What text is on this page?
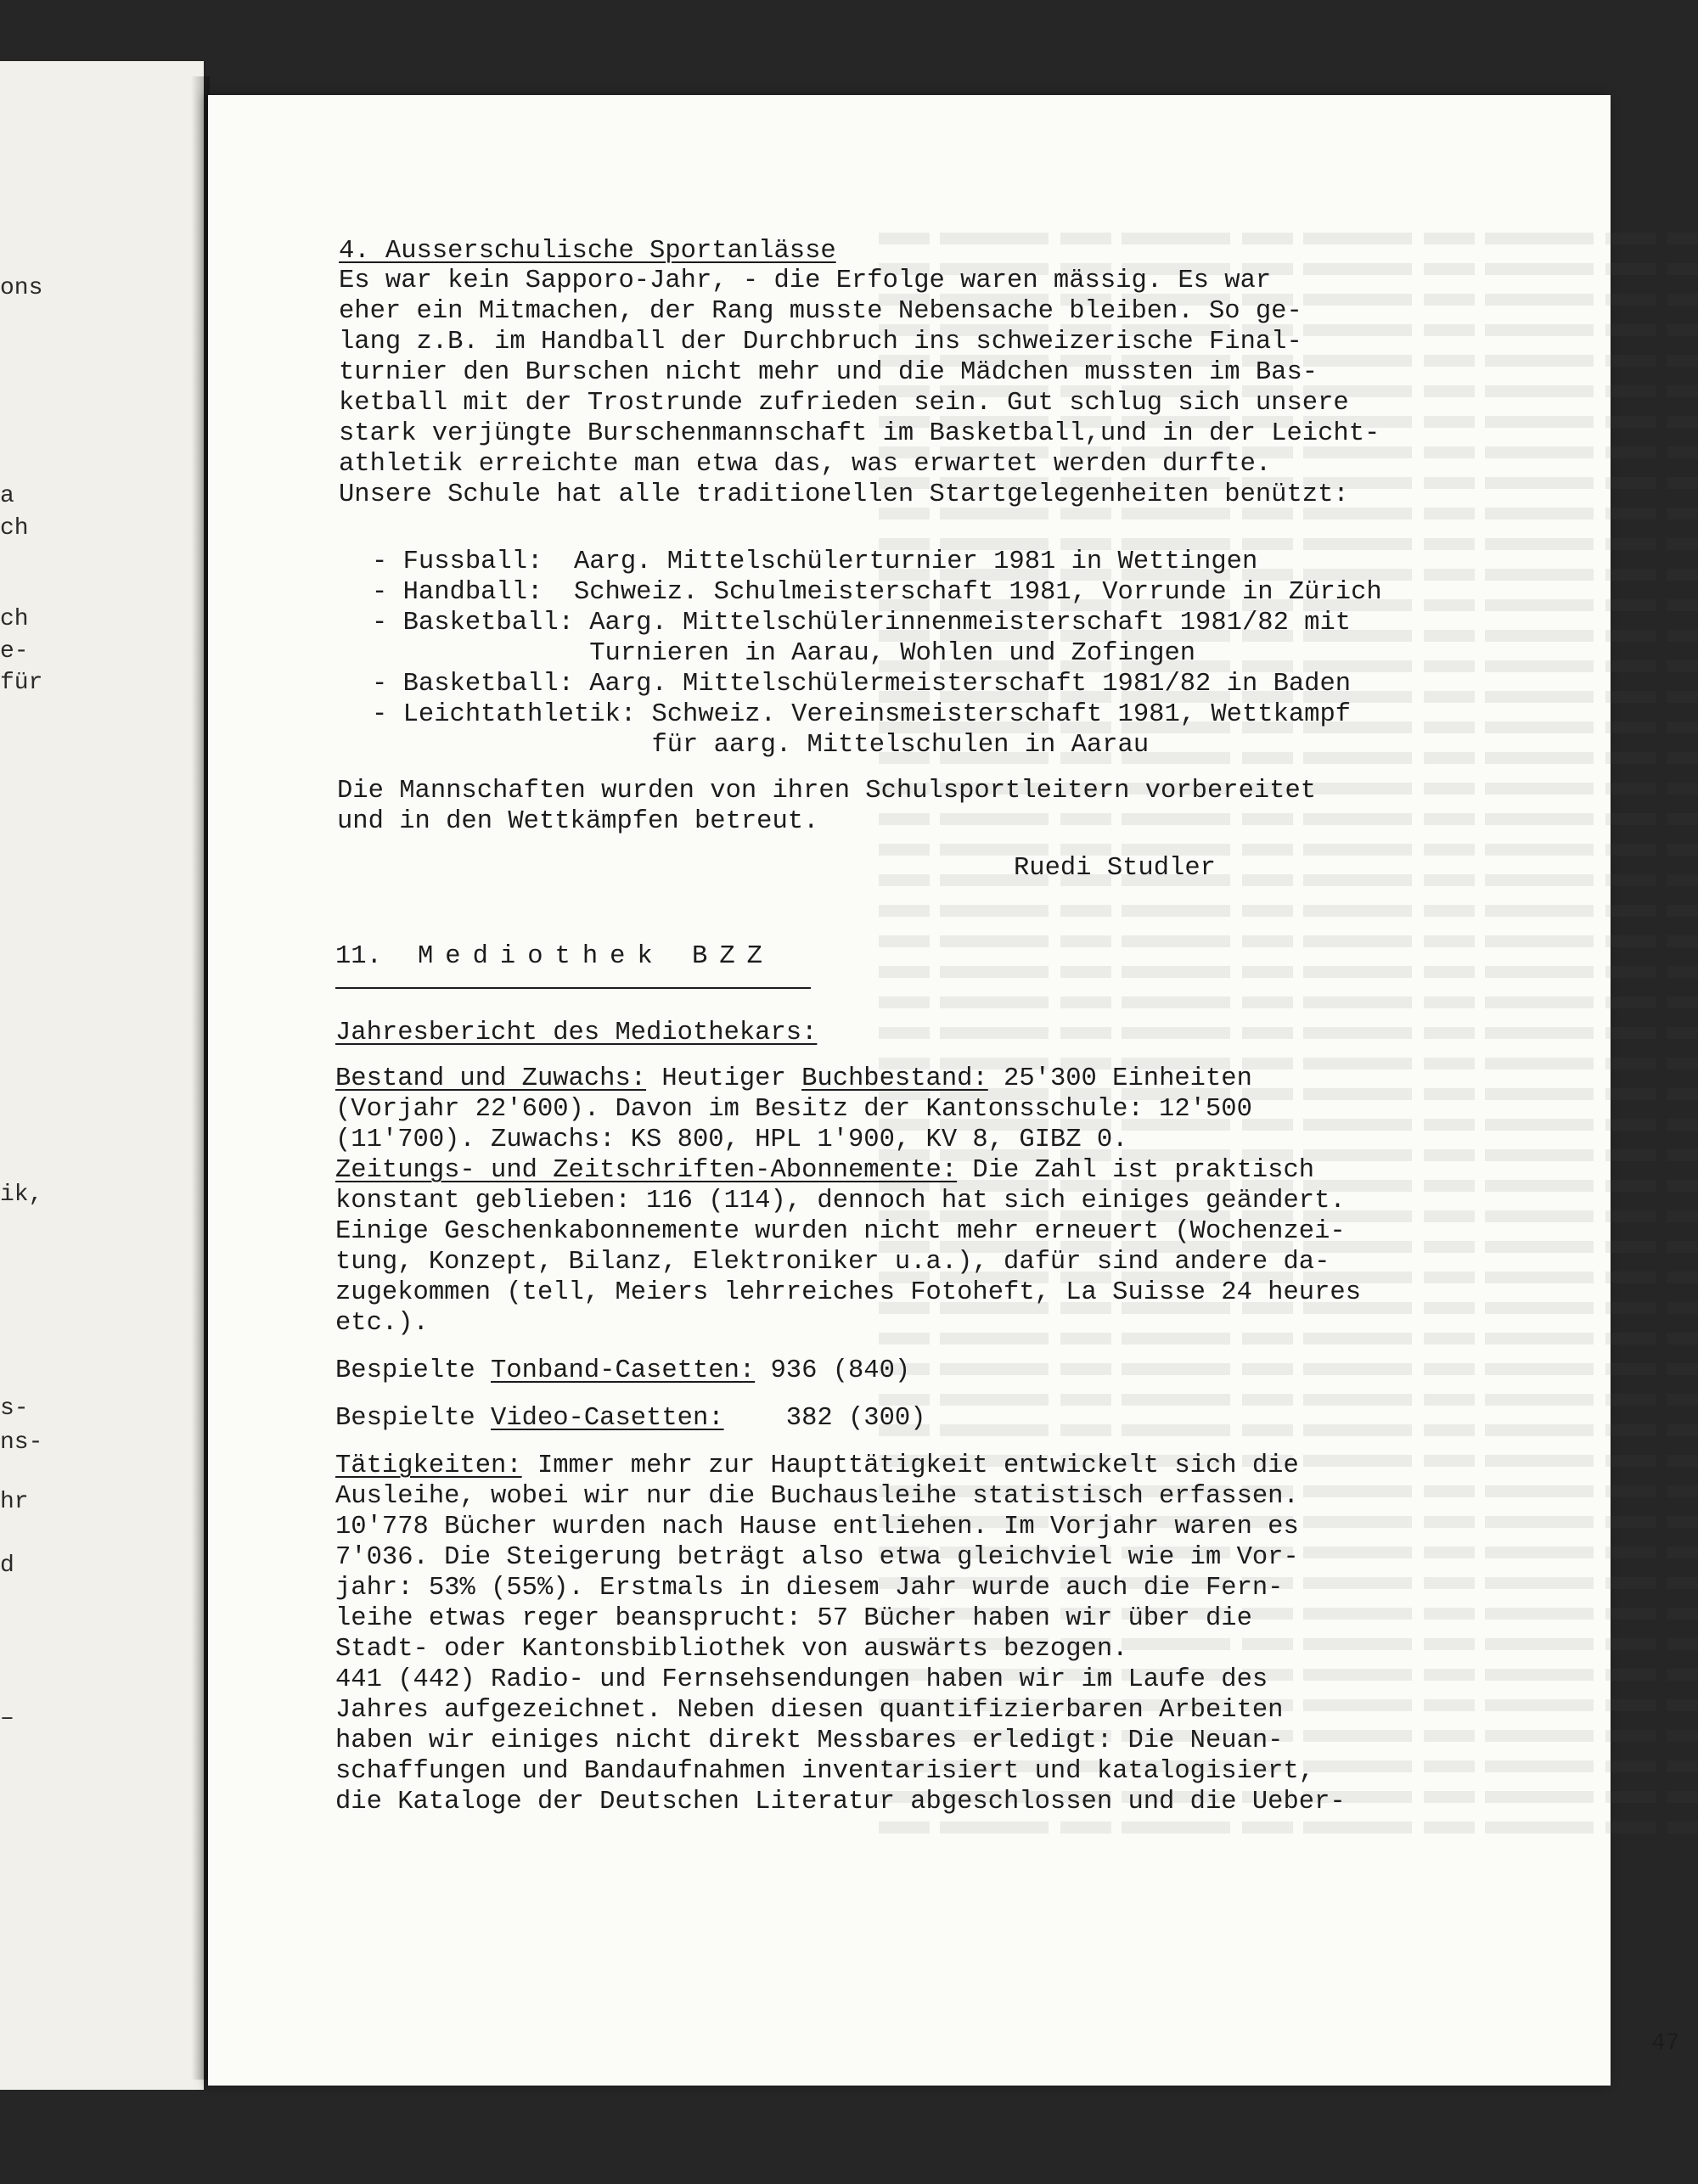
ons
a
ch
ch
e-
für
ik,
s-
ns-
hr
d
–
4. Ausserschulische Sportanlässe
Es war kein Sapporo-Jahr, - die Erfolge waren mässig. Es war
eher ein Mitmachen, der Rang musste Nebensache bleiben. So ge-
lang z.B. im Handball der Durchbruch ins schweizerische Final-
turnier den Burschen nicht mehr und die Mädchen mussten im Bas-
ketball mit der Trostrunde zufrieden sein. Gut schlug sich unsere
stark verjüngte Burschenmannschaft im Basketball,und in der Leicht-
athletik erreichte man etwa das, was erwartet werden durfte.
Unsere Schule hat alle traditionellen Startgelegenheiten benützt:
- Fussball:  Aarg. Mittelschülerturnier 1981 in Wettingen
- Handball:  Schweiz. Schulmeisterschaft 1981, Vorrunde in Zürich
- Basketball: Aarg. Mittelschülerinnenmeisterschaft 1981/82 mit
Turnieren in Aarau, Wohlen und Zofingen
- Basketball: Aarg. Mittelschülermeisterschaft 1981/82 in Baden
- Leichtathletik: Schweiz. Vereinsmeisterschaft 1981, Wettkampf
für aarg. Mittelschulen in Aarau
Die Mannschaften wurden von ihren Schulsportleitern vorbereitet
und in den Wettkämpfen betreut.
Ruedi Studler
11. Mediothek BZZ
Jahresbericht des Mediothekars:
Bestand und Zuwachs: Heutiger Buchbestand: 25'300 Einheiten
(Vorjahr 22'600). Davon im Besitz der Kantonsschule: 12'500
(11'700). Zuwachs: KS 800, HPL 1'900, KV 8, GIBZ 0.
Zeitungs- und Zeitschriften-Abonnemente: Die Zahl ist praktisch
konstant geblieben: 116 (114), dennoch hat sich einiges geändert.
Einige Geschenkabonnemente wurden nicht mehr erneuert (Wochenzei-
tung, Konzept, Bilanz, Elektroniker u.a.), dafür sind andere da-
zugekommen (tell, Meiers lehrreiches Fotoheft, La Suisse 24 heures
etc.).
Bespielte Tonband-Casetten: 936 (840)
Bespielte Video-Casetten:    382 (300)
Tätigkeiten: Immer mehr zur Haupttätigkeit entwickelt sich die
Ausleihe, wobei wir nur die Buchausleihe statistisch erfassen.
10'778 Bücher wurden nach Hause entliehen. Im Vorjahr waren es
7'036. Die Steigerung beträgt also etwa gleichviel wie im Vor-
jahr: 53% (55%). Erstmals in diesem Jahr wurde auch die Fern-
leihe etwas reger beansprucht: 57 Bücher haben wir über die
Stadt- oder Kantonsbibliothek von auswärts bezogen.
441 (442) Radio- und Fernsehsendungen haben wir im Laufe des
Jahres aufgezeichnet. Neben diesen quantifizierbaren Arbeiten
haben wir einiges nicht direkt Messbares erledigt: Die Neuan-
schaffungen und Bandaufnahmen inventarisiert und katalogisiert,
die Kataloge der Deutschen Literatur abgeschlossen und die Ueber-
47
